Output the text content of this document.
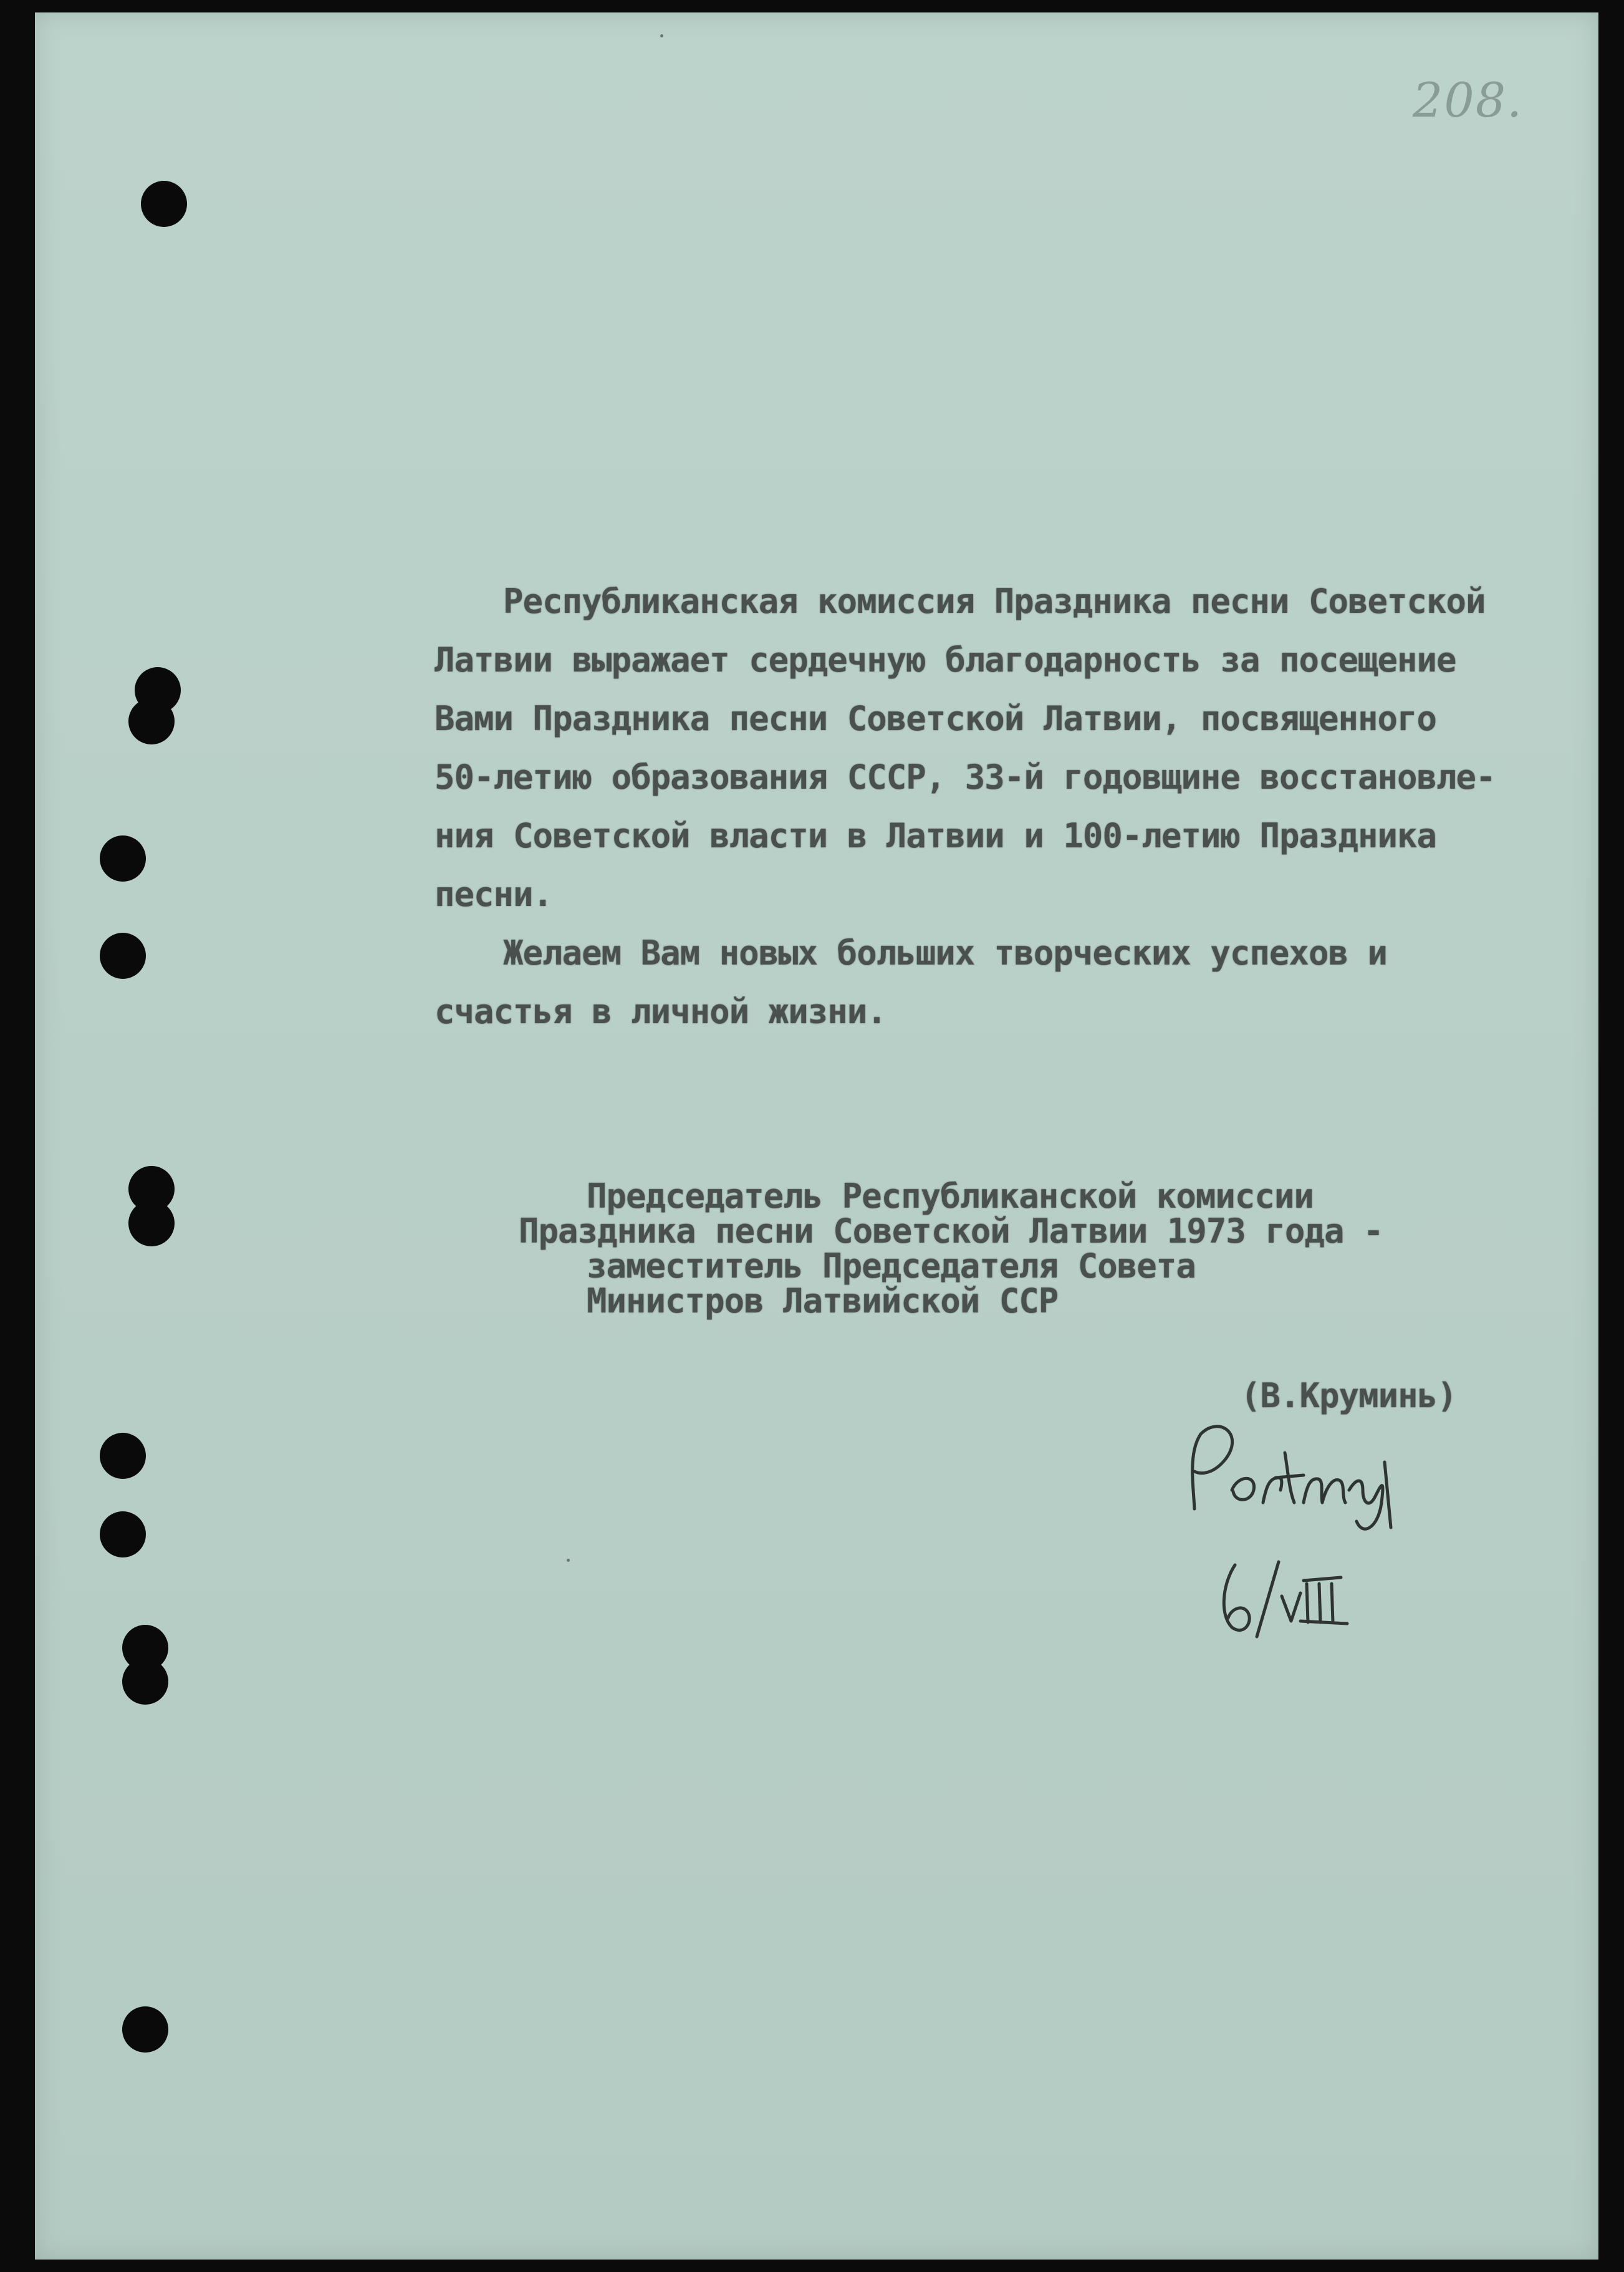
208.
Республиканская комиссия Праздника песни Советской
Латвии выражает сердечную благодарность за посещение
Вами Праздника песни Советской Латвии, посвященного
50-летию образования СССР, 33-й годовщине восстановле-
ния Советской власти в Латвии и 100-летию Праздника
песни.
Желаем Вам новых больших творческих успехов и
счастья в личной жизни.
Председатель Республиканской комиссии
Праздника песни Советской Латвии 1973 года -
заместитель Председателя Совета
Министров Латвийской ССР
(В.Круминь)
